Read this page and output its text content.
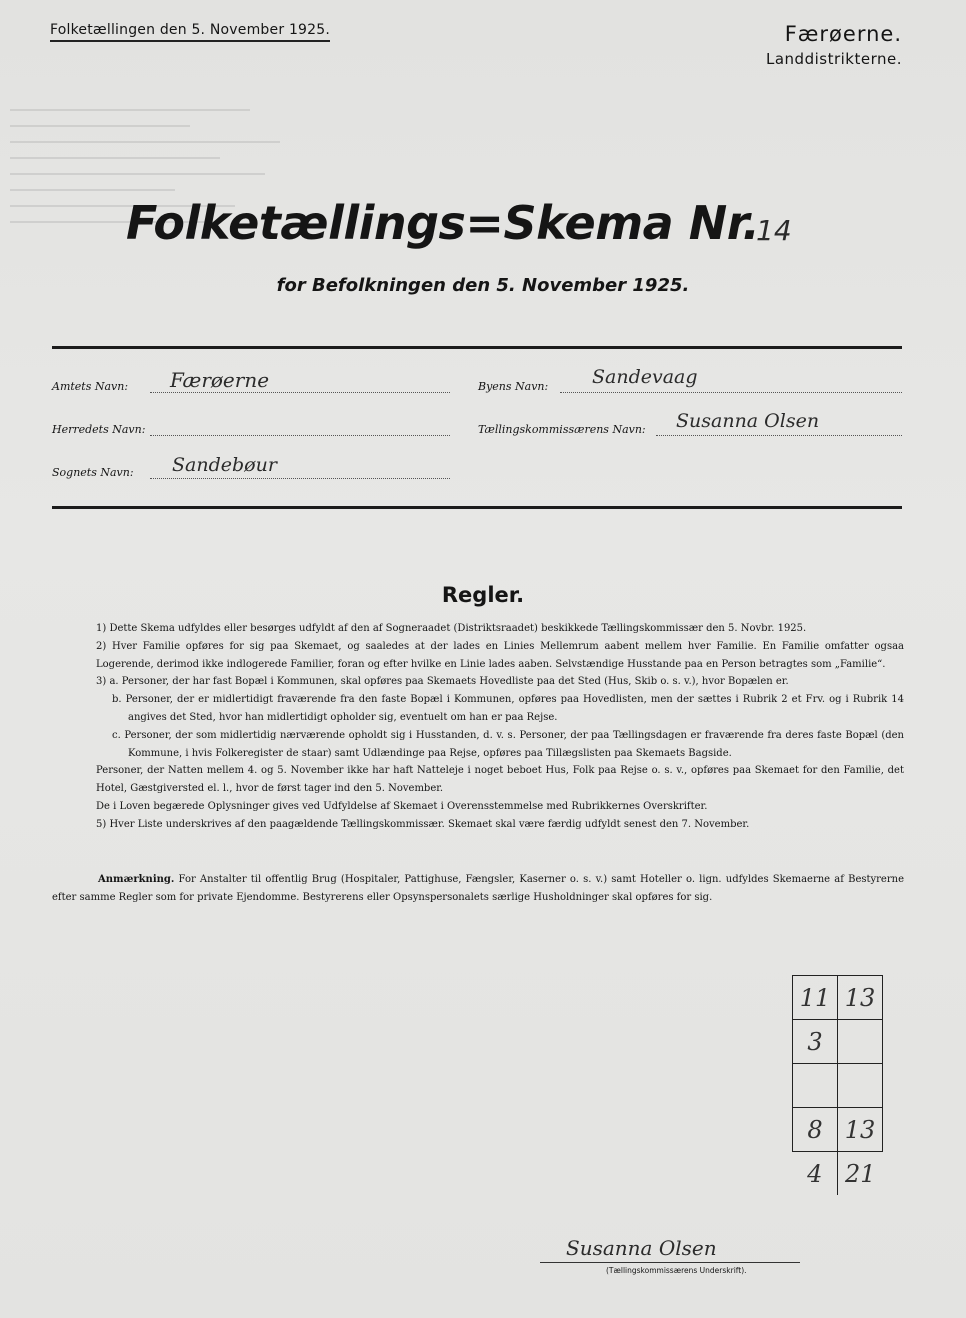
Folketællingen den 5. November 1925.	Færøerne.
Landdistrikterne.
Folketællings=Skema Nr.
14
for Befolkningen den 5. November 1925.
Amtets Navn: Færøerne
Herredets Navn:
Sognets Navn: Sandebøur
Byens Navn: Sandevaag
Tællingskommissærens Navn: Susanna Olsen
Regler.

1) Dette Skema udfyldes eller besørges udfyldt af den af Sogneraadet (Distriktsraadet) beskikkede Tællingskommissær den 5. Novbr. 1925.

2) Hver Familie opføres for sig paa Skemaet, og saaledes at der lades en Linies Mellemrum aabent mellem hver Familie. En Familie omfatter ogsaa Logerende, derimod ikke indlogerede Familier, foran og efter hvilke en Linie lades aaben. Selvstændige Husstande paa en Person betragtes som „Familie“.

3) a. Personer, der har fast Bopæl i Kommunen, skal opføres paa Skemaets Hovedliste paa det Sted (Hus, Skib o. s. v.), hvor Bopælen er.

b. Personer, der er midlertidigt fraværende fra den faste Bopæl i Kommunen, opføres paa Hovedlisten, men der sættes i Rubrik 2 et Frv. og i Rubrik 14 angives det Sted, hvor han midlertidigt opholder sig, eventuelt om han er paa Rejse.

c. Personer, der som midlertidig nærværende opholdt sig i Husstanden, d. v. s. Personer, der paa Tællingsdagen er fraværende fra deres faste Bopæl (den Kommune, i hvis Folkeregister de staar) samt Udlændinge paa Rejse, opføres paa Tillægslisten paa Skemaets Bagside.

Personer, der Natten mellem 4. og 5. November ikke har haft Natteleje i noget beboet Hus, Folk paa Rejse o. s. v., opføres paa Skemaet for den Familie, det Hotel, Gæstgiversted el. l., hvor de først tager ind den 5. November.

De i Loven begærede Oplysninger gives ved Udfyldelse af Skemaet i Overensstemmelse med Rubrikkernes Overskrifter.

5) Hver Liste underskrives af den paagældende Tællingskommissær. Skemaet skal være færdig udfyldt senest den 7. November.

Anmærkning. For Anstalter til offentlig Brug (Hospitaler, Pattighuse, Fængsler, Kaserner o. s. v.) samt Hoteller o. lign. udfyldes Skemaerne af Bestyrerne efter samme Regler som for private Ejendomme. Bestyrerens eller Opsynspersonalets særlige Husholdninger skal opføres for sig.
11	13
3	

8	13
4	21
Susanna Olsen
(Tællingskommissærens Underskrift).
